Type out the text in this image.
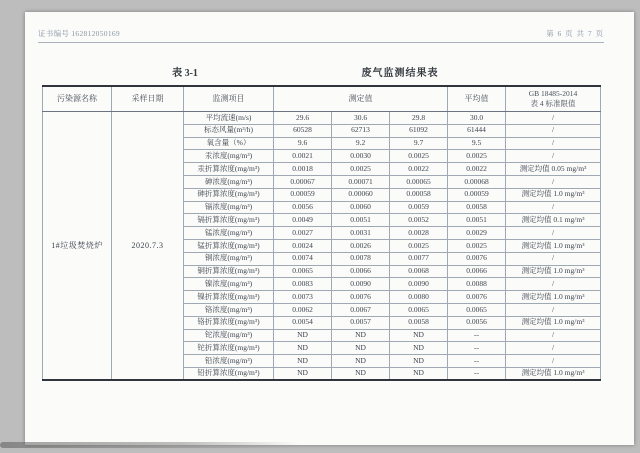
证书编号 162812050169	第 6 页 共 7 页
表 3-1	废气监测结果表
污染源名称	采样日期	监测项目	测定值			平均值	GB 18485-2014
表 4 标准限值

1#垃圾焚烧炉	2020.7.3	平均流速(m/s)	29.6	30.6	29.8	30.0	/
		标态风量(m³/h)	60528	62713	61092	61444	/
		氧含量（%）	9.6	9.2	9.7	9.5	/
		汞浓度(mg/m³)	0.0021	0.0030	0.0025	0.0025	/
		汞折算浓度(mg/m³)	0.0018	0.0025	0.0022	0.0022	测定均值 0.05 mg/m³
		砷浓度(mg/m³)	0.00067	0.00071	0.00065	0.00068	/
		砷折算浓度(mg/m³)	0.00059	0.00060	0.00058	0.00059	测定均值 1.0 mg/m³
		镉浓度(mg/m³)	0.0056	0.0060	0.0059	0.0058	/
		镉折算浓度(mg/m³)	0.0049	0.0051	0.0052	0.0051	测定均值 0.1 mg/m³
		锰浓度(mg/m³)	0.0027	0.0031	0.0028	0.0029	/
		锰折算浓度(mg/m³)	0.0024	0.0026	0.0025	0.0025	测定均值 1.0 mg/m³
		铜浓度(mg/m³)	0.0074	0.0078	0.0077	0.0076	/
		铜折算浓度(mg/m³)	0.0065	0.0066	0.0068	0.0066	测定均值 1.0 mg/m³
		镍浓度(mg/m³)	0.0083	0.0090	0.0090	0.0088	/
		镍折算浓度(mg/m³)	0.0073	0.0076	0.0080	0.0076	测定均值 1.0 mg/m³
		铬浓度(mg/m³)	0.0062	0.0067	0.0065	0.0065	/
		铬折算浓度(mg/m³)	0.0054	0.0057	0.0058	0.0056	测定均值 1.0 mg/m³
		铊浓度(mg/m³)	ND	ND	ND	--	/
		铊折算浓度(mg/m³)	ND	ND	ND	--	/
		铅浓度(mg/m³)	ND	ND	ND	--	/
		铅折算浓度(mg/m³)	ND	ND	ND	--	测定均值 1.0 mg/m³
